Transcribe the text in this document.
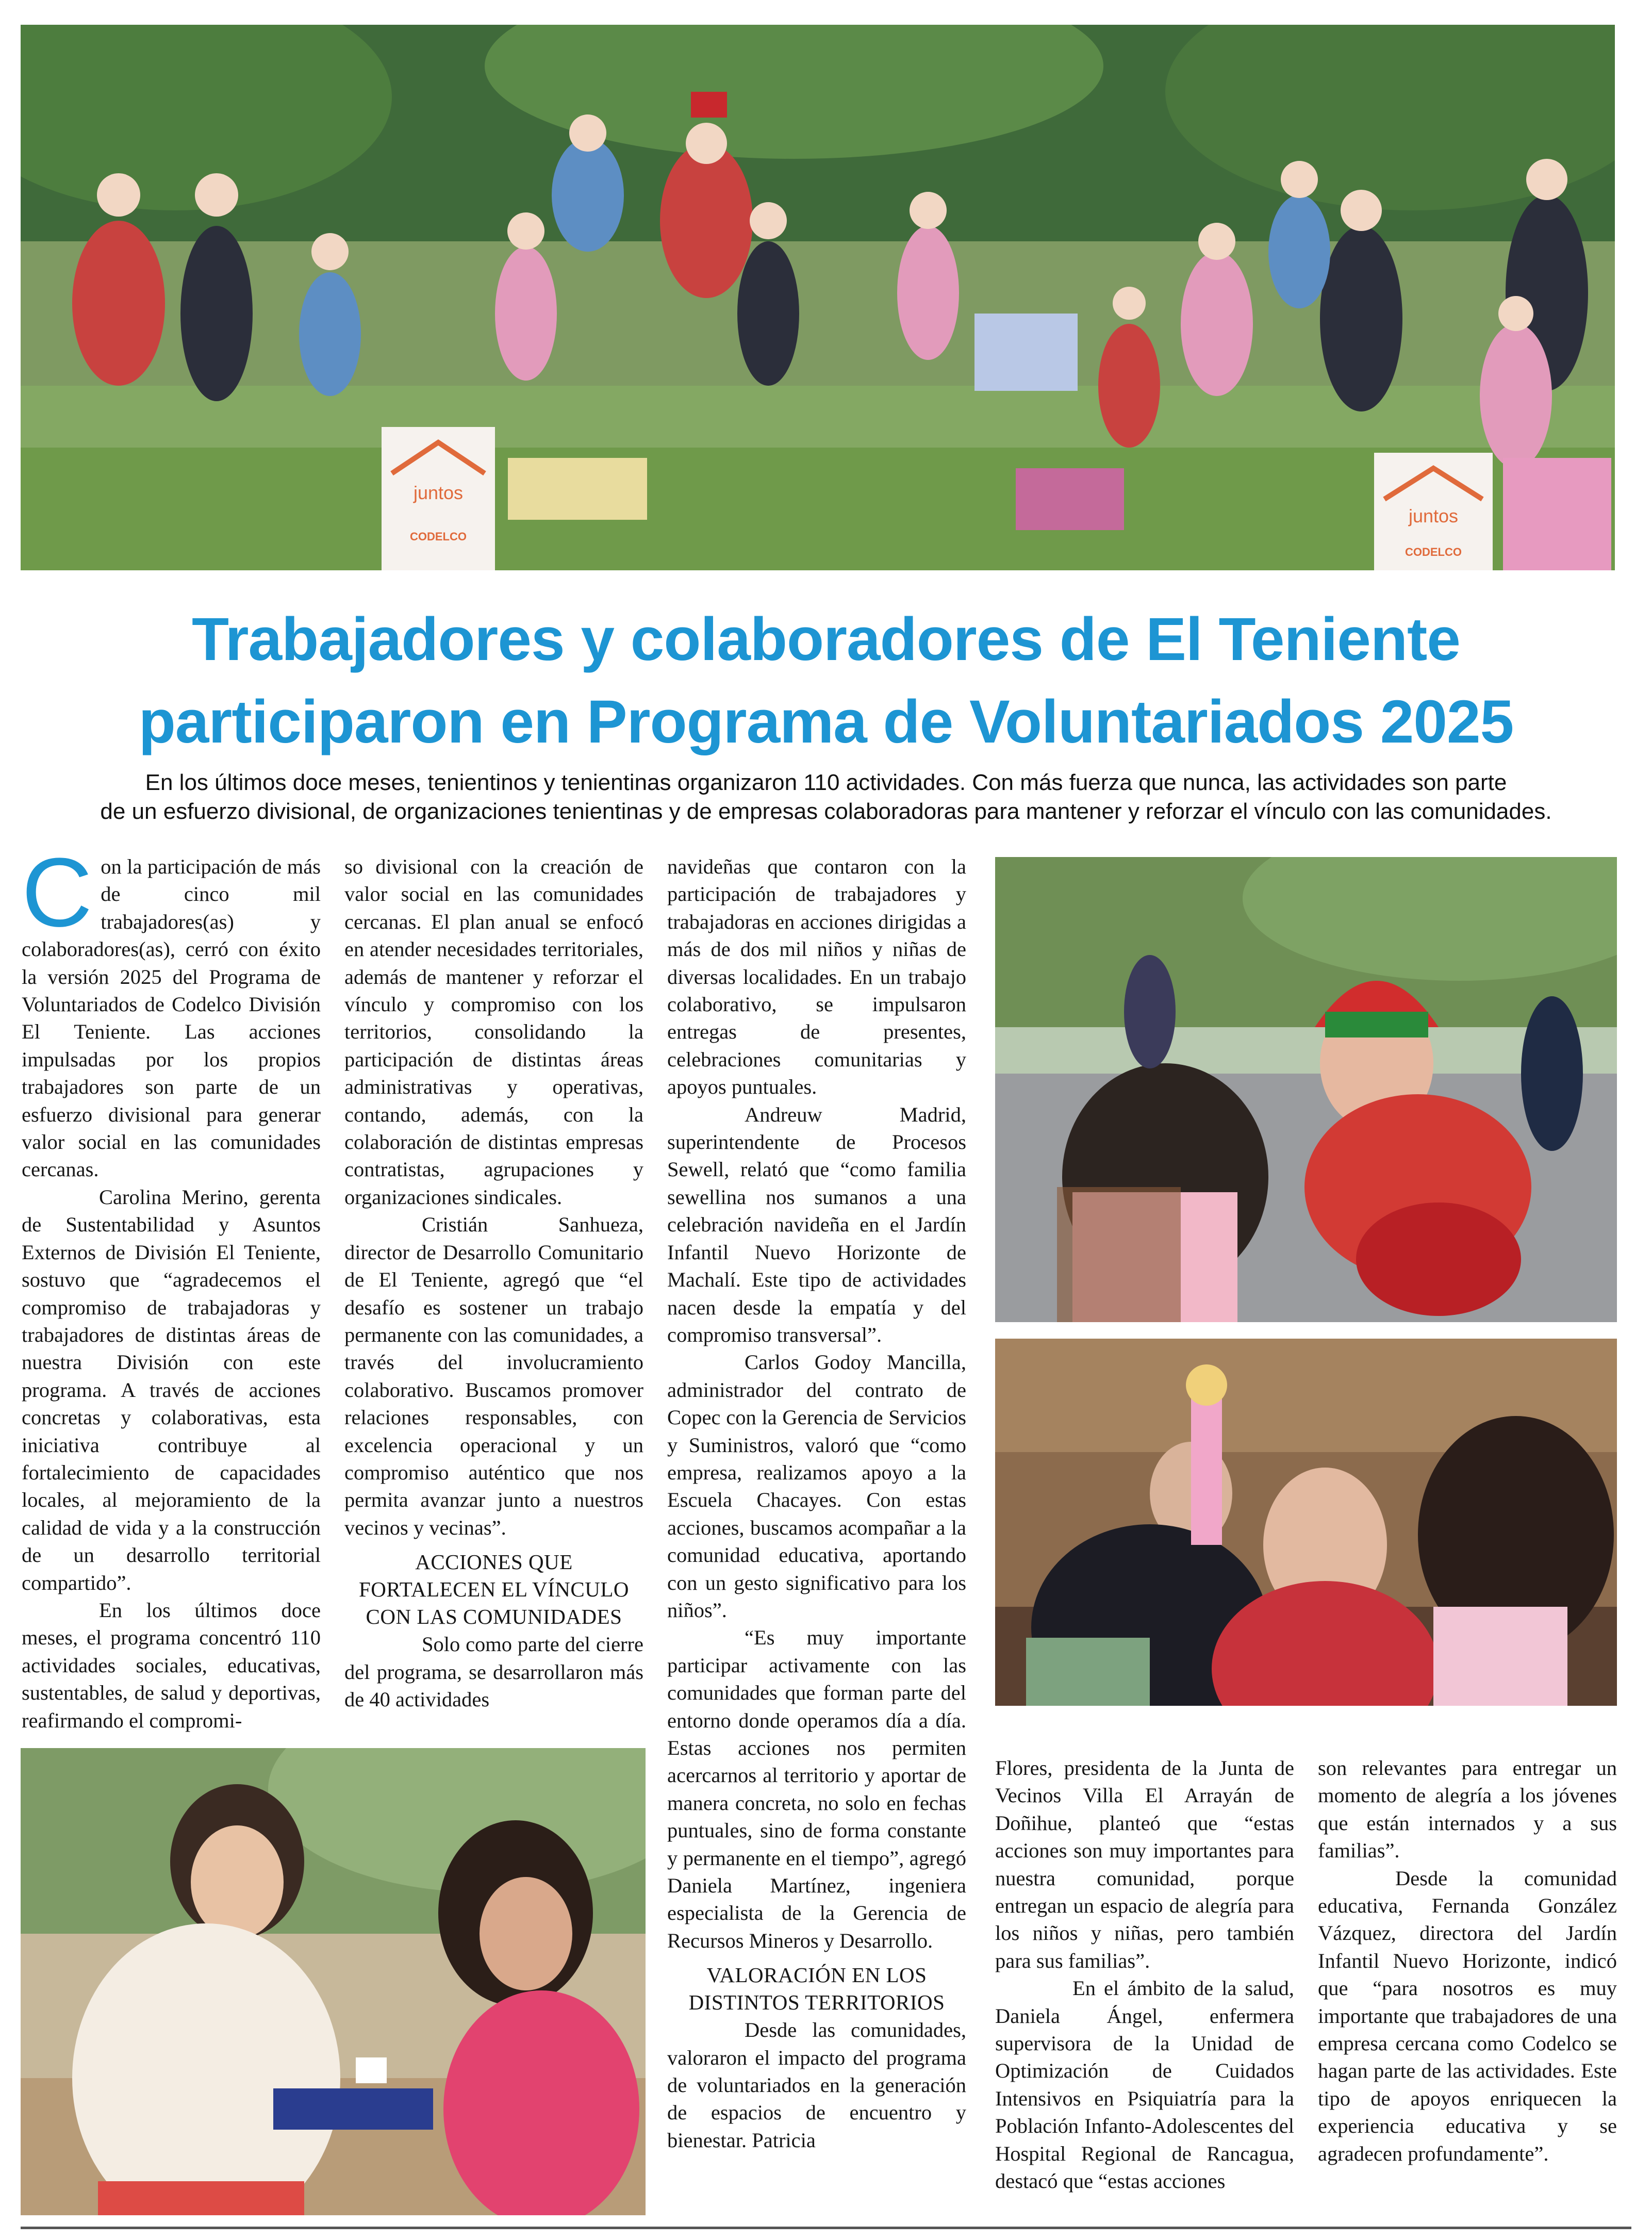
juntos
CODELCO
juntos
CODELCO
Trabajadores y colaboradores de El Teniente
participaron en Programa de Voluntariados 2025
En los últimos doce meses, tenientinos y tenientinas organizaron 110 actividades. Con más fuerza que nunca, las actividades son parte
de un esfuerzo divisional, de organizaciones tenientinas y de empresas colaboradoras para mantener y reforzar el vínculo con las comunidades.

Con la participación de más de cinco mil trabajadores(as) y colaboradores(as), cerró con éxito la versión 2025 del Programa de Voluntariados de Codelco División El Teniente. Las acciones impulsadas por los propios trabajadores son parte de un esfuerzo divisional para generar valor social en las comunidades cercanas.

Carolina Merino, gerenta de Sustentabilidad y Asuntos Externos de División El Teniente, sostuvo que “agradecemos el compromiso de trabajadoras y trabajadores de distintas áreas de nuestra División con este programa. A través de acciones concretas y colaborativas, esta iniciativa contribuye al fortalecimiento de capacidades locales, al mejoramiento de la calidad de vida y a la construcción de un desarrollo territorial compartido”.

En los últimos doce meses, el programa concentró 110 actividades sociales, educativas, sustentables, de salud y deportivas, reafirmando el compromi-

so divisional con la creación de valor social en las comunidades cercanas. El plan anual se enfocó en atender necesidades territoriales, además de mantener y reforzar el vínculo y compromiso con los territorios, consolidando la participación de distintas áreas administrativas y operativas, contando, además, con la colaboración de distintas empresas contratistas, agrupaciones y organizaciones sindicales.

Cristián Sanhueza, director de Desarrollo Comunitario de El Teniente, agregó que “el desafío es sostener un trabajo permanente con las comunidades, a través del involucramiento colaborativo. Buscamos promover relaciones responsables, con excelencia operacional y un compromiso auténtico que nos permita avanzar junto a nuestros vecinos y vecinas”.

ACCIONES QUE FORTALECEN EL VÍNCULO CON LAS COMUNIDADES

Solo como parte del cierre del programa, se desarrollaron más de 40 actividades

navideñas que contaron con la participación de trabajadores y trabajadoras en acciones dirigidas a más de dos mil niños y niñas de diversas localidades. En un trabajo colaborativo, se impulsaron entregas de presentes, celebraciones comunitarias y apoyos puntuales.

Andreuw Madrid, superintendente de Procesos Sewell, relató que “como familia sewellina nos sumanos a una celebración navideña en el Jardín Infantil Nuevo Horizonte de Machalí. Este tipo de actividades nacen desde la empatía y del compromiso transversal”.

Carlos Godoy Mancilla, administrador del contrato de Copec con la Gerencia de Servicios y Suministros, valoró que “como empresa, realizamos apoyo a la Escuela Chacayes. Con estas acciones, buscamos acompañar a la comunidad educativa, aportando con un gesto significativo para los niños”.

“Es muy importante participar activamente con las comunidades que forman parte del entorno donde operamos día a día. Estas acciones nos permiten acercarnos al territorio y aportar de manera concreta, no solo en fechas puntuales, sino de forma constante y permanente en el tiempo”, agregó Daniela Martínez, ingeniera especialista de la Gerencia de Recursos Mineros y Desarrollo.

VALORACIÓN EN LOS DISTINTOS TERRITORIOS

Desde las comunidades, valoraron el impacto del programa de voluntariados en la generación de espacios de encuentro y bienestar. Patricia

Flores, presidenta de la Junta de Vecinos Villa El Arrayán de Doñihue, planteó que “estas acciones son muy importantes para nuestra comunidad, porque entregan un espacio de alegría para los niños y niñas, pero también para sus familias”.

En el ámbito de la salud, Daniela Ángel, enfermera supervisora de la Unidad de Optimización de Cuidados Intensivos en Psiquiatría para la Población Infanto-Adolescentes del Hospital Regional de Rancagua, destacó que “estas acciones

son relevantes para entregar un momento de alegría a los jóvenes que están internados y a sus familias”.

Desde la comunidad educativa, Fernanda González Vázquez, directora del Jardín Infantil Nuevo Horizonte, indicó que “para nosotros es muy importante que trabajadores de una empresa cercana como Codelco se hagan parte de las actividades. Este tipo de apoyos enriquecen la experiencia educativa y se agradecen profundamente”.
